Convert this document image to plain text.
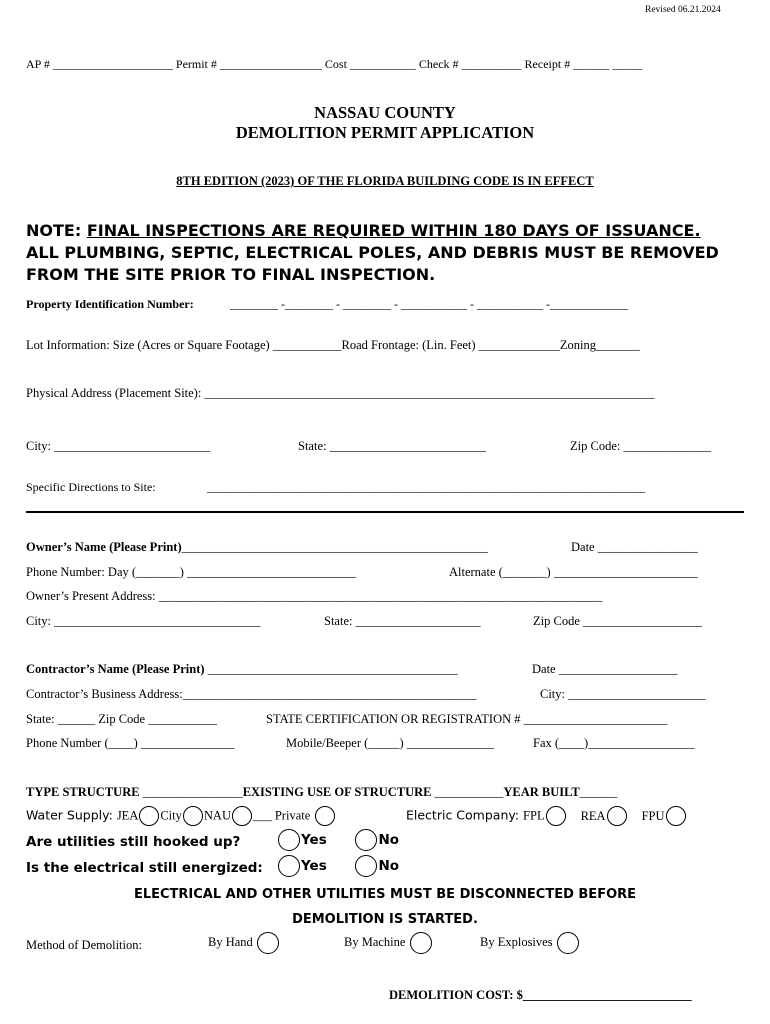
Revised 06.21.2024
AP # ____________________ Permit # _________________ Cost ___________ Check # __________ Receipt # ______ _____
NASSAU COUNTY
DEMOLITION PERMIT APPLICATION
8TH EDITION (2023) OF THE FLORIDA BUILDING CODE IS IN EFFECT
NOTE: FINAL INSPECTIONS ARE REQUIRED WITHIN 180 DAYS OF ISSUANCE.
ALL PLUMBING, SEPTIC, ELECTRICAL POLES, AND DEBRIS MUST BE REMOVED
FROM THE SITE PRIOR TO FINAL INSPECTION.
Property Identification Number:	________ -________ - ________ - ___________ - ___________ -_____________
Lot Information: Size (Acres or Square Footage) ___________Road Frontage: (Lin. Feet) _____________Zoning_______
Physical Address (Placement Site): ________________________________________________________________________
City: _________________________	State: _________________________	Zip Code: ______________
Specific Directions to Site:	_________________________________________________________________________
Owner’s Name (Please Print)_________________________________________________	Date ________________
Phone Number: Day (_______) ___________________________	Alternate (_______) _______________________
Owner’s Present Address: _______________________________________________________________________
City: _________________________________	State: ____________________	Zip Code ___________________
Contractor’s Name (Please Print) ________________________________________	Date ___________________
Contractor’s Business Address:_______________________________________________	City: ______________________
State: ______ Zip Code ___________	STATE CERTIFICATION OR REGISTRATION # _______________________
Phone Number (____) _______________	Mobile/Beeper (_____) ______________	Fax (____)_________________
TYPE STRUCTURE ________________EXISTING USE OF STRUCTURE ___________YEAR BUILT______
Water Supply: JEA City NAU ___ Private	Electric Company: FPL	REA	FPU
Are utilities still hooked up?	Yes	No
Is the electrical still energized:	Yes	No
ELECTRICAL AND OTHER UTILITIES MUST BE DISCONNECTED BEFORE
DEMOLITION IS STARTED.
Method of Demolition:	By Hand	By Machine	By Explosives
DEMOLITION COST: $___________________________
